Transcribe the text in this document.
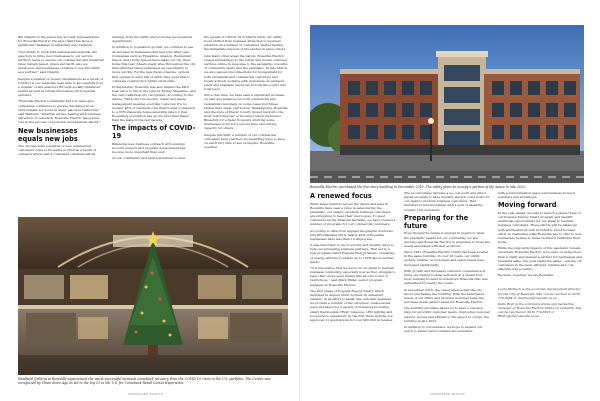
Bill Chaplin is the senior key account representative for Roseville Electric. He says California faces a significant challenge in attracting new business.

"Our ability to work with national and regional site selectors to bring new businesses to our service territory helps to ensure our commercial and industrial rates remain based, green and tariff, also we developed, and businesses continue to see the utility as a partner," said Chaplin.

Despite a number of recent cancellations as a result of COVID-19, our team has been able to successfully host a number of site selectors through socially-distanced events as well as virtual discussions with regional partners.

"Roseville Electric's reliability and low rates give companies confidence to pursue innovation in an environment not found in many places in California," said Mattuch. "Whether we are dealing with business attraction or retention, Roseville Electric plays a key role in the success of economic development efforts."

New businesses equals new jobs

The city has seen a number of new commercial customers come to Roseville in 2020 as a result of outreach efforts and a consistent communications

strategy from the utility and economic development departments.

In addition to population growth, we continue to see an increase in businesses and new jobs after year. Companies such as Fresenius, Amazon, Restaurant Depot, and Living Spaces have made our city their home this year. Sheetz ready sites throughout the city have afforded these businesses an opportunity to move quickly. For the new fiscal schedule, options that opened in early fall of 2020, they were able to complete construction within six months.

In September, Roseville was also ranked the 49th best place to live in the USA by Money Magazine, and the only California city recognized. According to the article, "With city-run electric, water and waste management keeping everyday costs low, it's no wonder 43% of residents own their homes (compared to a 35% statewide homeownership rate) or that Roseville's population has grown five times faster than the state in the last decade."

The impacts of COVID-19

Balancing new business outreach with existing account support and program development has become more important than ever.

As our community and nation mobilized to slow

the spread of COVID-19 in March 2020, our utility focus shifted from business attraction to business retention as a number of customers started feeling the immediate impacts of the shelter in place orders.

Like many other areas the nation, Roseville Electric closed all buildings to the public and moved customer services online in response to the escalating concerns of community safety and the pandemic. In late March, we also paused disconnections for nonpayment for both residential and commercial customers and began actively working with customers on payment plans and available resources at both the county and local level.

Since that time, we have seen a significant increase on past due balances for both commercial and residential customers, in some cases four times higher than usual. Just before Thanksgiving, Roseville and the state of Placer County moved back into the most restrictive tier of Governor Gavin Newsom's Blueprint for a Safer Economy, shutting some businesses down for a second time and cutting capacity for others.

Despite this shift, a number of our commercial customers have reached out regarding ways to save on electricity bills to see us inspire, Roseville, together.

Westfield Galleria at Roseville experienced the worst successful business comeback recovery from the COVID-19 crisis in the U.S. portfolio. The Center was recognized by Chain Store Age as #6 in the top 15 in the U.S. for Comeback Retail Center Experience.
SPONSORED PROFILE
Roseville Electric purchased the five-story building in December 2019. The utility plans to occupy a portion of the space in late 2022.
A renewed focus

While large retailers across the nation and here in Roseville have seen a jump in sales during the pandemic, our small to medium business customers are struggling to keep their doors open. To meet customers facing financial hardship, we have created a number of programs for our commercial customers.

According to data from Applied Geographic Solutions and GIS Planning 2019, nearly 40% of Roseville businesses have less than 10 employees.

It was important to dig in quickly and identify ways to help our struggling business partners. That led to a new program called Pospera Energy Smart, consisting of energy efficiency rebates up to 100% above normal levels.

"It is imperative that we focus on our small to medium business community, especially now as they struggle to keep their doors open during this second round of restrictions," said Mark Miller, senior program manager at Roseville Electric.

The first phase of Pospera Energy Smart, which launched in August 2020, focused on enhanced rebates. In an effort to assist this customer segment, we provide a number of the outcomes, rebate levels were increased for a variety of measures including smart thermostats, HVAC tune-ups, LED lighting and food-service equipment. In the first three months, we approved 21 applications for over $82,000 in rebates.

The second phase includes a no-cost audit and direct install program to have monthly electric costs down for our small to medium business customers. That launched in mid-November with a goal of assisting roughly 100 customers.

Preparing for the future

Even though the future is unclear in regard to what the pandemic means for our community, we are growing and Roseville Electric is preparing to meet the needs associated with that evolution.

Since 1997, Roseville Electric Utility has been located in the same building. In over 20 years, our utility system, number of customers and space needs have increased significantly.

With growth and increased customer convenience in mind, we started looking seriously at a vacant four-story building located in downtown Roseville that was earmarked for nearly five years.

In December 2019, the owner approached the city about purchasing the building. With the anticipated needs of our utility and growing customer base, the purchase made perfect sense for Roseville Electric.

The building purchase allows us to have a one-stop shop for all utility customer needs, improving customer service, access and efficiency. We expect to occupy the building in late 2022.

In addition to convenience, we hope to expand our reach to better serve commercial customers

with a demonstration space and business-focused webinars and workshops.

Moving forward

In the year ahead, we plan to launch a phase three of our Pospera Energy Smart program and identify additional opportunities for our small to medium business customers. These efforts will be balanced with anticipated growth in industry and a focused effort on marketing what Roseville has to offer to new businesses looking to make Northern California their home.

While the long-term impacts of this pandemic remain uncertain, Roseville Electric is focused on being more than a utility and instead a partner for businesses and residents alike. Our goal starts the same – serving our customers in the most efficient, reliable and cost-effective way possible.

Because, together, we are Roseville.

Laura Mattuch is the economic development director for the City of Roseville. She can be reached at (916) 774-5264 or lmattuch@roseville.ca.us.

Delia Bryn is the communications and marketing manager at Roseville Electric Utility on LinkedIn. She can be reached at (916) 774-5625 or RVProject@roseville.ca.us.

SPONSORED PROFILE
